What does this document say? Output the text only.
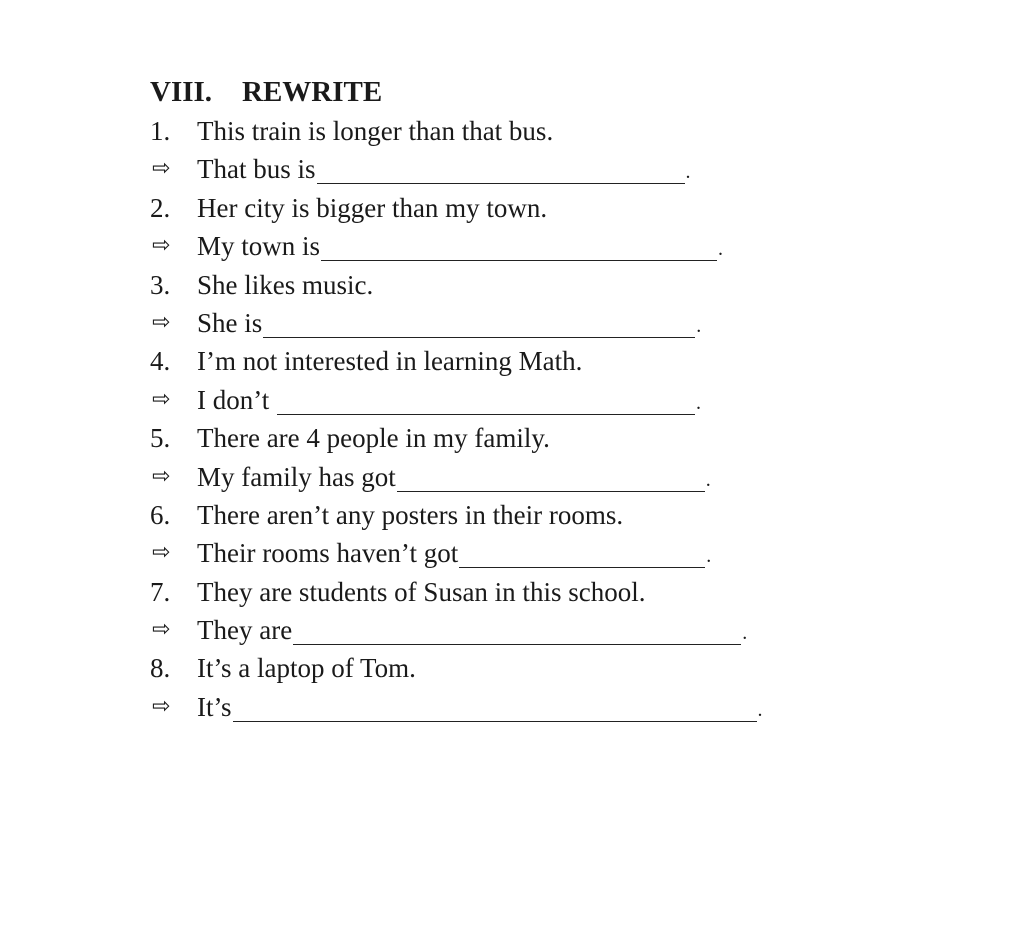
VIII. REWRITE
1. This train is longer than that bus.
⇨ That bus is	.
2. Her city is bigger than my town.
⇨ My town is	.
3. She likes music.
⇨ She is	.
4. I’m not interested in learning Math.
⇨ I don’t	.
5. There are 4 people in my family.
⇨ My family has got	.
6. There aren’t any posters in their rooms.
⇨ Their rooms haven’t got	.
7. They are students of Susan in this school.
⇨ They are	.
8. It’s a laptop of Tom.
⇨ It’s	.
